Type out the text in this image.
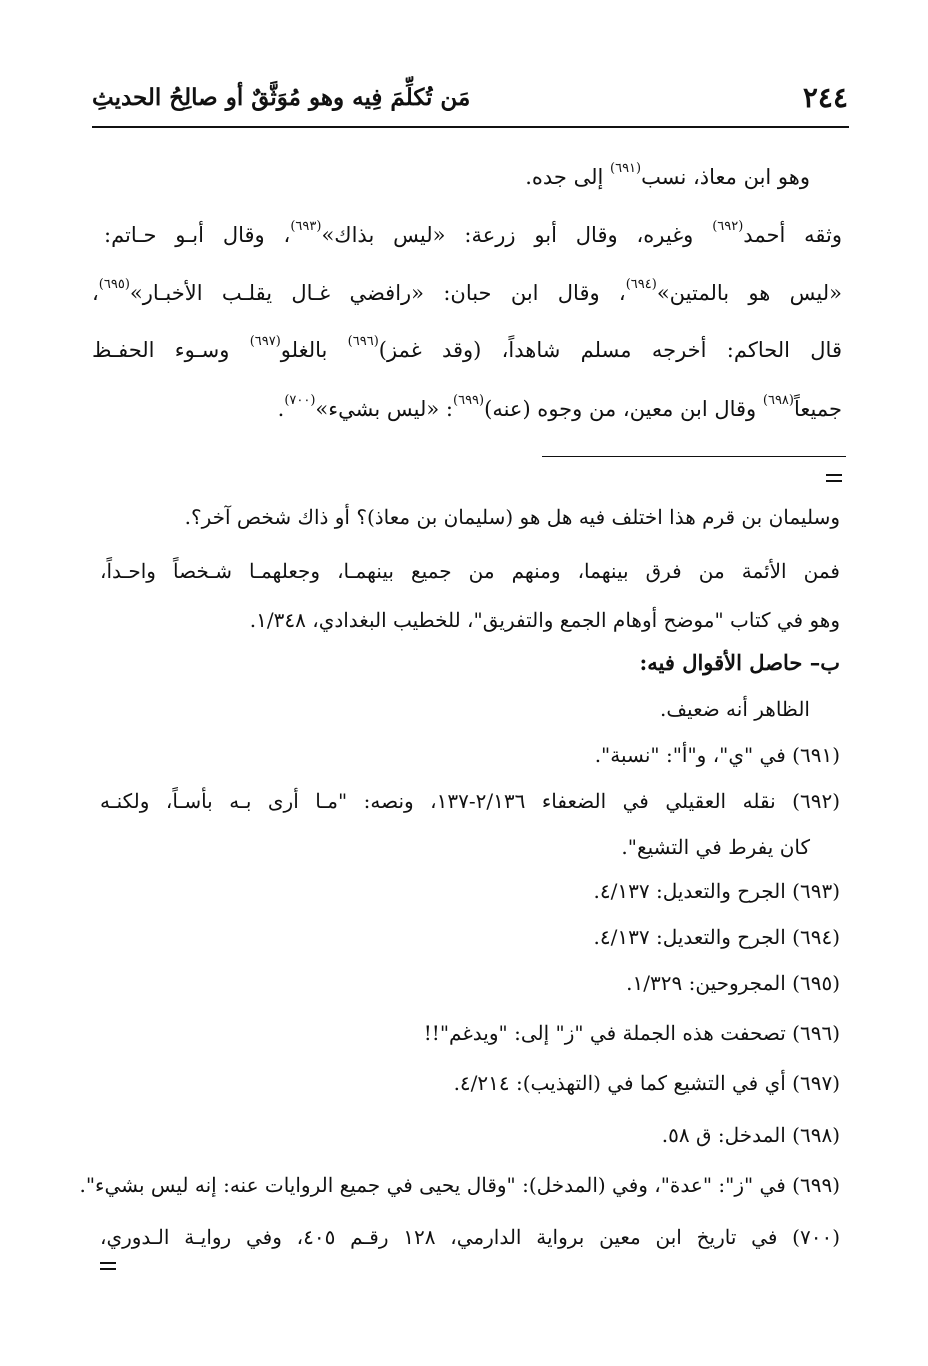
٢٤٤
مَن تُكلِّمَ فِيه وهو مُوَثَّقٌ أو صالِحُ الحديثِ
وهو ابن معاذ، نسب$^{(٦٩١)}$ إلى جده.
وثقه أحمد$^{(٦٩٢)}$ وغيره، وقال أبو زرعة: «ليس بذاك»$^{(٦٩٣)}$، وقال أبـو حـاتم:
«ليس هو بالمتين»$^{(٦٩٤)}$، وقال ابن حبان: «رافضي غـال يقلـب الأخبـار»$^{(٦٩٥)}$،
قال الحاكم: أخرجه مسلم شاهداً، (وقد غمز)$^{(٦٩٦)}$ بالغلو$^{(٦٩٧)}$ وسـوء الحفـظ
جميعاً$^{(٦٩٨)}$ وقال ابن معين، من وجوه (عنه)$^{(٦٩٩)}$: «ليس بشيء»$^{(٧٠٠)}$.
وسليمان بن قرم هذا اختلف فيه هل هو (سليمان بن معاذ)؟ أو ذاك شخص آخر؟.
فمن الأئمة من فرق بينهما، ومنهم من جميع بينهمـا، وجعلهمـا شـخصاً واحـداً،
وهو في كتاب "موضح أوهام الجمع والتفريق"، للخطيب البغدادي، ١/٣٤٨.
ب– حاصل الأقوال فيه:
الظاهر أنه ضعيف.
(٦٩١) في "ي"، و"أ": "نسبة".
(٦٩٢) نقله العقيلي في الضعفاء ٢/١٣٦-١٣٧، ونصه: "مـا أرى بـه بأسـاً، ولكنـه
كان يفرط في التشيع".
(٦٩٣) الجرح والتعديل: ٤/١٣٧.
(٦٩٤) الجرح والتعديل: ٤/١٣٧.
(٦٩٥) المجروحين: ١/٣٢٩.
(٦٩٦) تصحفت هذه الجملة في "ز" إلى: "ويدغم"!!
(٦٩٧) أي في التشيع كما في (التهذيب): ٤/٢١٤.
(٦٩٨) المدخل: ق ٥٨.
(٦٩٩) في "ز": "عدة"، وفي (المدخل): "وقال يحيى في جميع الروايات عنه: إنه ليس بشيء".
(٧٠٠) في تاريخ ابن معين برواية الدارمي، ١٢٨ رقـم ٤٠٥، وفي روايـة الـدوري،
